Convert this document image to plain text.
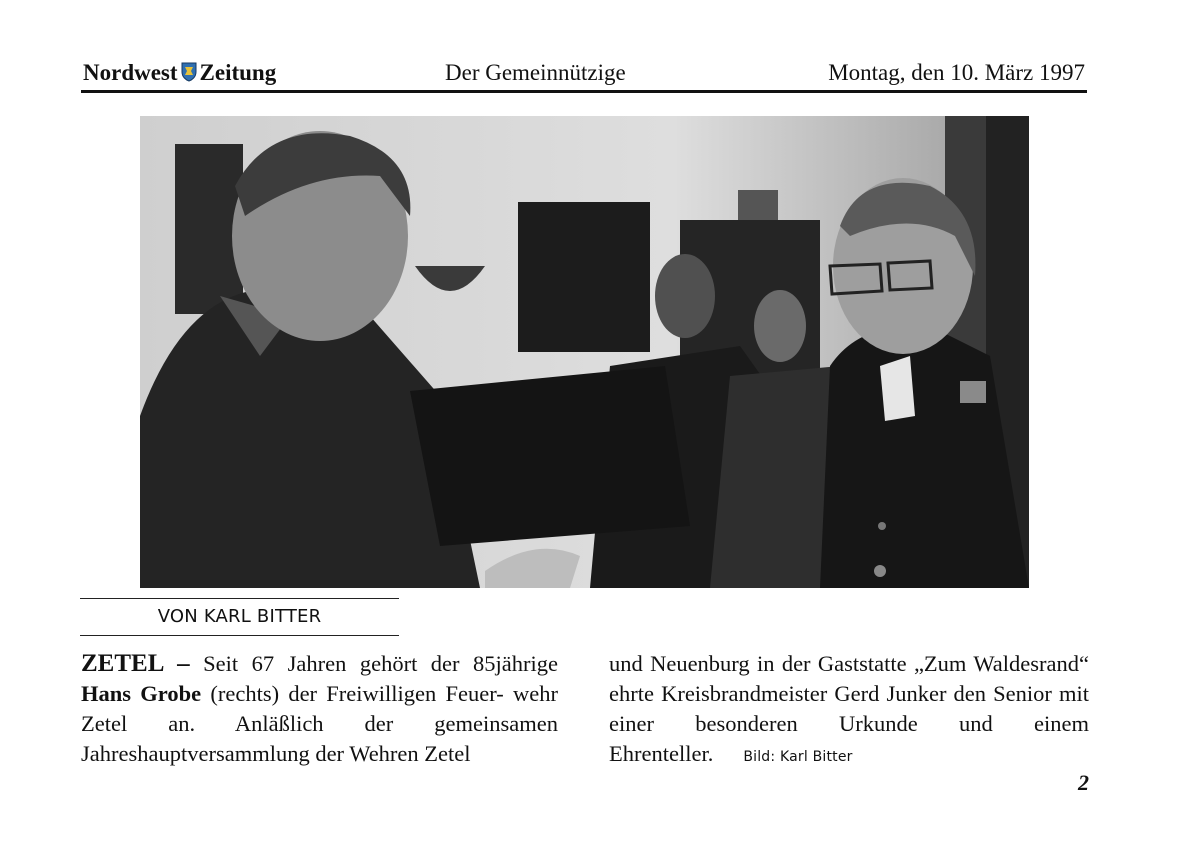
Nordwest Zeitung	Der Gemeinnützige	Montag, den 10. März 1997
VON KARL BITTER
ZETEL – Seit 67 Jahren gehört der 85jährige Hans Grobe (rechts) der Freiwilligen Feuer- wehr Zetel an. Anläßlich der gemeinsamen Jahreshauptversammlung der Wehren Zetel
und Neuenburg in der Gaststatte „Zum Waldesrand“ ehrte Kreisbrandmeister Gerd Junker den Senior mit einer besonderen Urkunde und einem Ehrenteller. Bild: Karl Bitter
2
